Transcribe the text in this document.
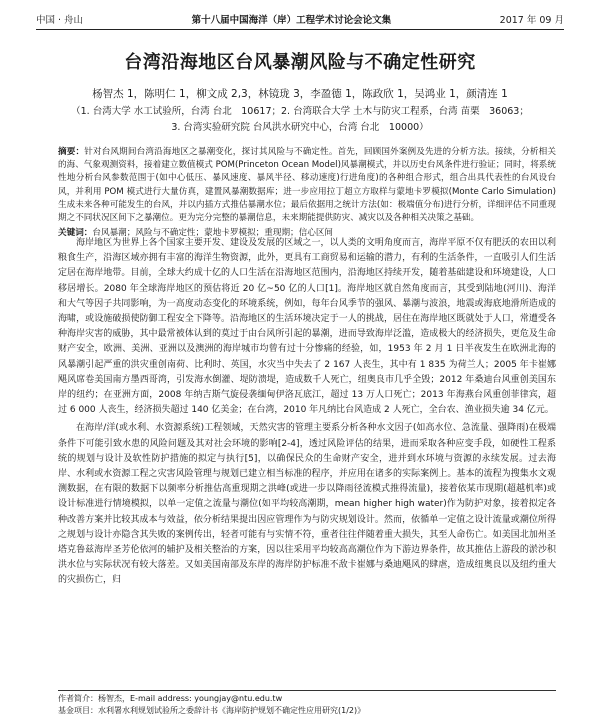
中国 · 舟山	第十八届中国海洋（岸）工程学术讨论会论文集	2017 年 09 月
台湾沿海地区台风暴潮风险与不确定性研究
杨智杰 1，陈明仁 1，柳文成 2,3，林镜珑 3，李盈德 1，陈政欣 1，吴鸿业 1，颜清连 1
（1. 台湾大学 水工试验所，台湾 台北　10617；2. 台湾联合大学 土木与防灾工程系，台湾 苗栗　36063；
3. 台湾实验研究院 台风洪水研究中心，台湾 台北　10000）
摘要：针对台风期间台湾沿海地区之暴潮变化，探讨其风险与不确定性。首先，回顾国外案例及先进的分析方法。接续，分析相关的海、气象观测资料，接着建立数值模式 POM(Princeton Ocean Model)风暴潮模式，并以历史台风条件进行验证；同时，将系统性地分析台风参数范围于(如中心低压、暴风速度、暴风半径、移动速度)行进角度)的各种组合形式，组合出具代表性的台风设台风，并利用 POM 模式进行大量仿真，建置风暴潮数据库；进一步应用拉丁超立方取样与蒙地卡罗模拟(Monte Carlo Simulation)生成未来各种可能发生的台风，并以内插方式推估暴潮水位；最后依据用之统计方法(如：极端值分布)进行分析，详细评估不同重现期之不同状况区间下之暴潮位。更为完分完整的暴潮信息，未来期能提供防灾、减灾以及各种相关决策之基础。
关键词：台风暴潮；风险与不确定性；蒙地卡罗模拟；重现期；信心区间

海岸地区为世界上各个国家主要开发、建设及发展的区域之一，以人类的文明角度而言，海岸平原不仅有肥沃的农田以利粮食生产，沿海区域亦拥有丰富的海洋生物资源，此外，更具有工商贸易和运输的潜力，有利的生活条件，一直吸引人们生活定居在海岸地带。目前，全球大约成十亿的人口生活在沿海地区范围内，沿海地区持续开发，随着基础建设和环境建设，人口移居增长。2080 年全球海岸地区的预估将近 20 亿~50 亿的人口[1]。海岸地区就自然角度而言，其受到陆地(河川)、海洋和大气等因子共同影响，为一高度动态变化的环境系统，例如，每年台风季节的强风、暴潮与波浪，地震或海底地滑所造成的海啸，或设施破损使防御工程安全下降等。沿海地区的生活环境决定于一人的挑战，居住在海岸地区既就处于人口，常遭受各种海岸灾害的威胁，其中最常被体认到的莫过于由台风所引起的暴潮，进而导致海岸泛滥，造成极大的经济损失，更危及生命财产安全，欧洲、美洲、亚洲以及澳洲的海岸城市均曾有过十分惨痛的经验，如，1953 年 2 月 1 日半夜发生在欧洲北海的风暴潮引起严重的洪灾重创南荷、比利时、英国，水灾当中失去了 2 167 人丧生，其中有 1 835 为荷兰人；2005 年卡崔娜飓风席卷美国南方墨西哥湾，引发海水倒灌、堤防溃堤，造成数千人死亡，纽奥良市几乎全毁；2012 年桑迪台风重创美国东岸的纽约；在亚洲方面，2008 年纳吉斯气旋侵袭缅甸伊洛瓦底江，超过 13 万人口死亡；2013 年海燕台风重创菲律宾，超过 6 000 人丧生，经济损失超过 140 亿美金；在台湾，2010 年凡纳比台风造成 2 人死亡，全台农、渔业损失逾 34 亿元。

在海岸/洋(或水利、水资源系统)工程领域，天然灾害的管理主要系分析各种水文因子(如高水位、急流量、强降雨)在极端条件下可能引致水患的风险问题及其对社会环境的影响[2-4]，透过风险评估的结果，进而采取各种应变手段，如硬性工程系统的规划与设计及软性防护措施的拟定与执行[5]，以确保民众的生命财产安全，进并到水环境与资源的永续发展。过去海岸、水利或水资源工程之灾害风险管理与规划已建立相当标准的程序，并应用在诸多的实际案例上。基本的流程为搜集水文观测数据，在有限的数据下以频率分析推估高重现期之洪峰(或进一步以降雨径流模式推得流量)，接着依某市现期(超越机率)或设计标准进行情境模拟，以单一定值之流量与潮位(如平均较高潮期，mean higher high water)作为防护对象，接着拟定各种改善方案并比较其成本与效益，依分析结果提出因应管理作为与防灾规划设计。然而，依循单一定值之设计流量或潮位所得之规划与设计亦隐含其失败的案例传出，轻者可能有与实情不符，重者往往伴随着重大损失，其至人命伤亡。如美国北加州圣塔克鲁兹海岸圣芳伦依河的辅护及相关整治的方案，因以往采用平均较高高潮位作为下游边界条件，故其推估上游段的淤沙积洪水位与实际状况有较大落差。又如美国南部及东岸的海岸防护标准不敌卡崔娜与桑迪飓风的肆虐，造成纽奥良以及纽约重大的灾损伤亡，归

作者简介：杨智杰，E-mail address: youngjay@ntu.edu.tw
基金项目：水利署水利规划试验所之委辞计书《海岸防护规划不确定性应用研究(1/2)》
